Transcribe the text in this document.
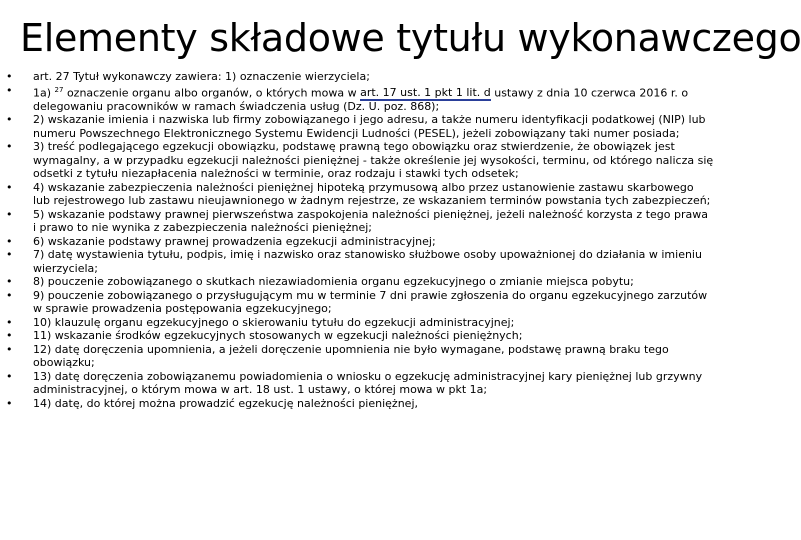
Elementy składowe tytułu wykonawczego
• art. 27 Tytuł wykonawczy zawiera: 1) oznaczenie wierzyciela;
• 1a) $^{27}$ oznaczenie organu albo organów, o których mowa w art. 17 ust. 1 pkt 1 lit. d ustawy z dnia 10 czerwca 2016 r. o delegowaniu pracowników w ramach świadczenia usług (Dz. U. poz. 868);
• 2) wskazanie imienia i nazwiska lub firmy zobowiązanego i jego adresu, a także numeru identyfikacji podatkowej (NIP) lub numeru Powszechnego Elektronicznego Systemu Ewidencji Ludności (PESEL), jeżeli zobowiązany taki numer posiada;
• 3) treść podlegającego egzekucji obowiązku, podstawę prawną tego obowiązku oraz stwierdzenie, że obowiązek jest wymagalny, a w przypadku egzekucji należności pieniężnej - także określenie jej wysokości, terminu, od którego nalicza się odsetki z tytułu niezapłacenia należności w terminie, oraz rodzaju i stawki tych odsetek;
• 4) wskazanie zabezpieczenia należności pieniężnej hipoteką przymusową albo przez ustanowienie zastawu skarbowego lub rejestrowego lub zastawu nieujawnionego w żadnym rejestrze, ze wskazaniem terminów powstania tych zabezpieczeń;
• 5) wskazanie podstawy prawnej pierwszeństwa zaspokojenia należności pieniężnej, jeżeli należność korzysta z tego prawa i prawo to nie wynika z zabezpieczenia należności pieniężnej;
• 6) wskazanie podstawy prawnej prowadzenia egzekucji administracyjnej;
• 7) datę wystawienia tytułu, podpis, imię i nazwisko oraz stanowisko służbowe osoby upoważnionej do działania w imieniu wierzyciela;
• 8) pouczenie zobowiązanego o skutkach niezawiadomienia organu egzekucyjnego o zmianie miejsca pobytu;
• 9) pouczenie zobowiązanego o przysługującym mu w terminie 7 dni prawie zgłoszenia do organu egzekucyjnego zarzutów w sprawie prowadzenia postępowania egzekucyjnego;
• 10) klauzulę organu egzekucyjnego o skierowaniu tytułu do egzekucji administracyjnej;
• 11) wskazanie środków egzekucyjnych stosowanych w egzekucji należności pieniężnych;
• 12) datę doręczenia upomnienia, a jeżeli doręczenie upomnienia nie było wymagane, podstawę prawną braku tego obowiązku;
• 13) datę doręczenia zobowiązanemu powiadomienia o wniosku o egzekucję administracyjnej kary pieniężnej lub grzywny administracyjnej, o którym mowa w art. 18 ust. 1 ustawy, o której mowa w pkt 1a;
• 14) datę, do której można prowadzić egzekucję należności pieniężnej,
